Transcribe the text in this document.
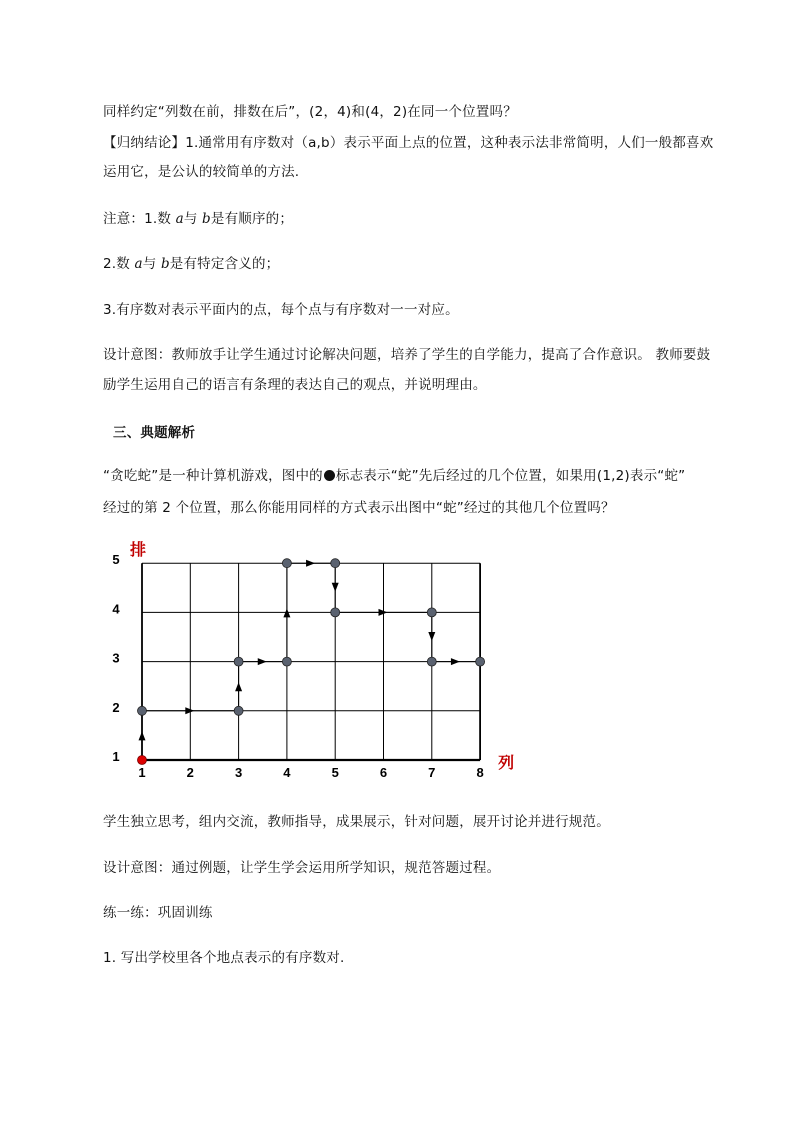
同样约定“列数在前，排数在后”，(2，4)和(4，2)在同一个位置吗？

【归纳结论】1.通常用有序数对（a,b）表示平面上点的位置，这种表示法非常简明，人们一般都喜欢

运用它，是公认的较简单的方法.

注意：1.数 a与 b是有顺序的；

2.数 a与 b是有特定含义的；

3.有序数对表示平面内的点，每个点与有序数对一一对应。

设计意图：教师放手让学生通过讨论解决问题，培养了学生的自学能力，提高了合作意识。 教师要鼓

励学生运用自己的语言有条理的表达自己的观点，并说明理由。

三、典题解析

“贪吃蛇”是一种计算机游戏，图中的 标志表示“蛇”先后经过的几个位置，如果用(1,2)表示“蛇”

经过的第 2 个位置，那么你能用同样的方式表示出图中“蛇”经过的其他几个位置吗？

1	2	3	4	5	6	7	8
1
2
3
4
5
排
列

学生独立思考，组内交流，教师指导，成果展示，针对问题，展开讨论并进行规范。

设计意图：通过例题，让学生学会运用所学知识，规范答题过程。

练一练：巩固训练

1. 写出学校里各个地点表示的有序数对.
